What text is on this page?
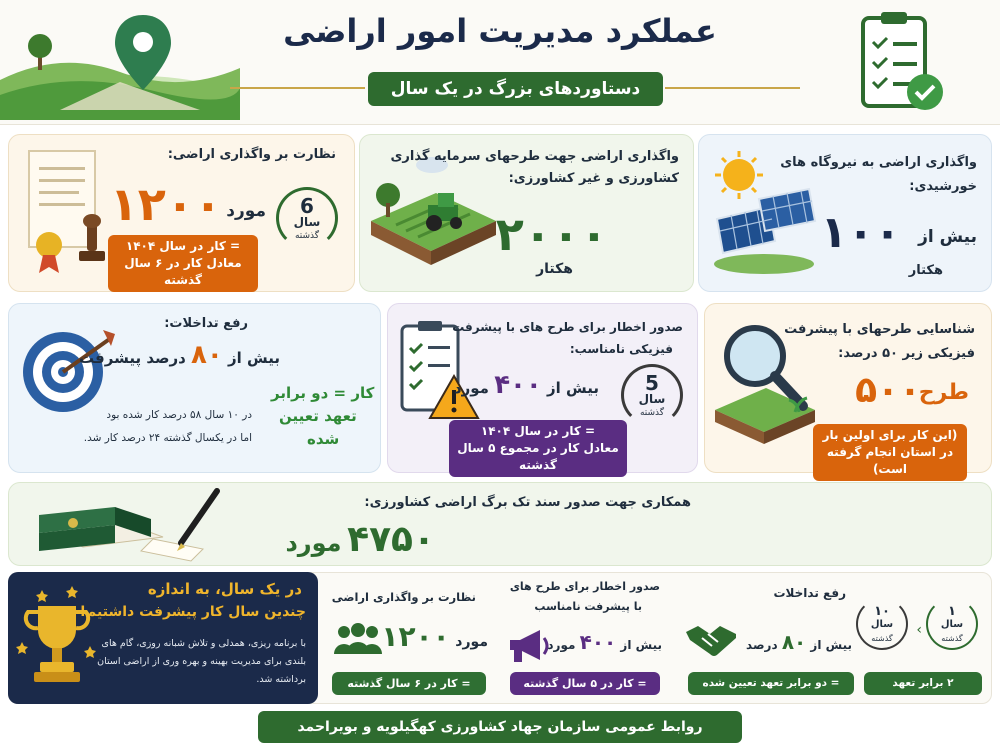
عملکرد مدیریت امور اراضی
دستاوردهای بزرگ در یک سال
نظارت بر واگذاری اراضی:
مورد
۱۲۰۰	6
سال
گذشته
= کار در سال ۱۴۰۴
معادل کار در ۶ سال گذشته
واگذاری اراضی جهت طرحهای سرمایه گذاری
کشاورزی و غیر کشاورزی:
۲۰۰۰
هکتار
واگذاری اراضی به نیروگاه های
خورشیدی:
بیش از
۱۰۰
هکتار
رفع تداخلات:
بیش از ۸۰ درصد پیشرفت
کار = دو برابر
تعهد تعیین
شده
در ۱۰ سال ۵۸ درصد کار شده بود
اما در یکسال گذشته ۲۴ درصد کار شد.
صدور اخطار برای طرح های با پیشرفت
فیزیکی نامناسب:
بیش از ۴۰۰ مورد	5
سال
گذشته
= کار در سال ۱۴۰۴
معادل کار در مجموع ۵ سال گذشته
شناسایی طرحهای با پیشرفت
فیزیکی زیر ۵۰ درصد:
۵۰۰
طرح
(این کار برای اولین بار
در استان انجام گرفته است)
همکاری جهت صدور سند تک برگ اراضی کشاورزی:
۴۷۵۰ مورد
در یک سال، به اندازه
چندین سال کار پیشرفت داشتیم!
با برنامه ریزی، همدلی و تلاش شبانه روزی، گام های
بلندی برای مدیریت بهینه و بهره وری از اراضی استان
برداشته شد.
نظارت بر واگذاری اراضی
مورد ۱۲۰۰
= کار در ۶ سال گذشته
صدور اخطار برای طرح های
با پیشرفت نامناسب
بیش از ۴۰۰ مورد
= کار در ۵ سال گذشته
رفع تداخلات
بیش از ۸۰ درصد
۱۰
سال
گذشته
›
۱
سال
گذشته
= دو برابر تعهد تعیین شده	۲ برابر تعهد
روابط عمومی سازمان جهاد کشاورزی کهگیلویه و بویراحمد
